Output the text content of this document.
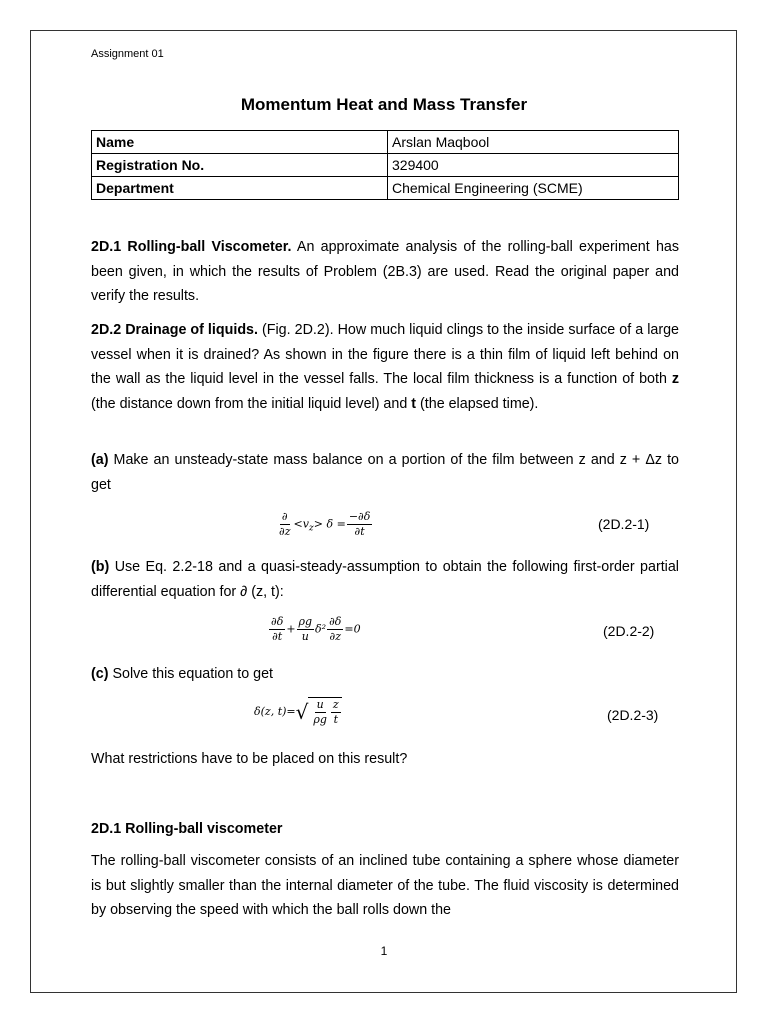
Assignment 01
Momentum Heat and Mass Transfer
Name	Arslan Maqbool
Registration No.	329400
Department	Chemical Engineering (SCME)

2D.1 Rolling-ball Viscometer. An approximate analysis of the rolling-ball experiment has been given, in which the results of Problem (2B.3) are used. Read the original paper and verify the results.

2D.2 Drainage of liquids. (Fig. 2D.2). How much liquid clings to the inside surface of a large vessel when it is drained? As shown in the figure there is a thin film of liquid left behind on the wall as the liquid level in the vessel falls. The local film thickness is a function of both z (the distance down from the initial liquid level) and t (the elapsed time).

(a) Make an unsteady-state mass balance on a portion of the film between z and z + Δz to get

$\frac{\partial}{\partial z} <v_z> \delta = \frac{-\partial\delta}{\partial t}$	(2D.2-1)

(b) Use Eq. 2.2-18 and a quasi-steady-assumption to obtain the following first-order partial differential equation for ∂ (z, t):

$\frac{\partial\delta}{\partial t} + \frac{\rho g}{u} \delta^2 \frac{\partial\delta}{\partial z} =0$	(2D.2-2)

(c) Solve this equation to get

δ(z, t)= √ $\frac{u}{\rho g} \frac{z}{t}$	(2D.2-3)

What restrictions have to be placed on this result?

2D.1 Rolling-ball viscometer

The rolling-ball viscometer consists of an inclined tube containing a sphere whose diameter is but slightly smaller than the internal diameter of the tube. The fluid viscosity is determined by observing the speed with which the ball rolls down the

1
